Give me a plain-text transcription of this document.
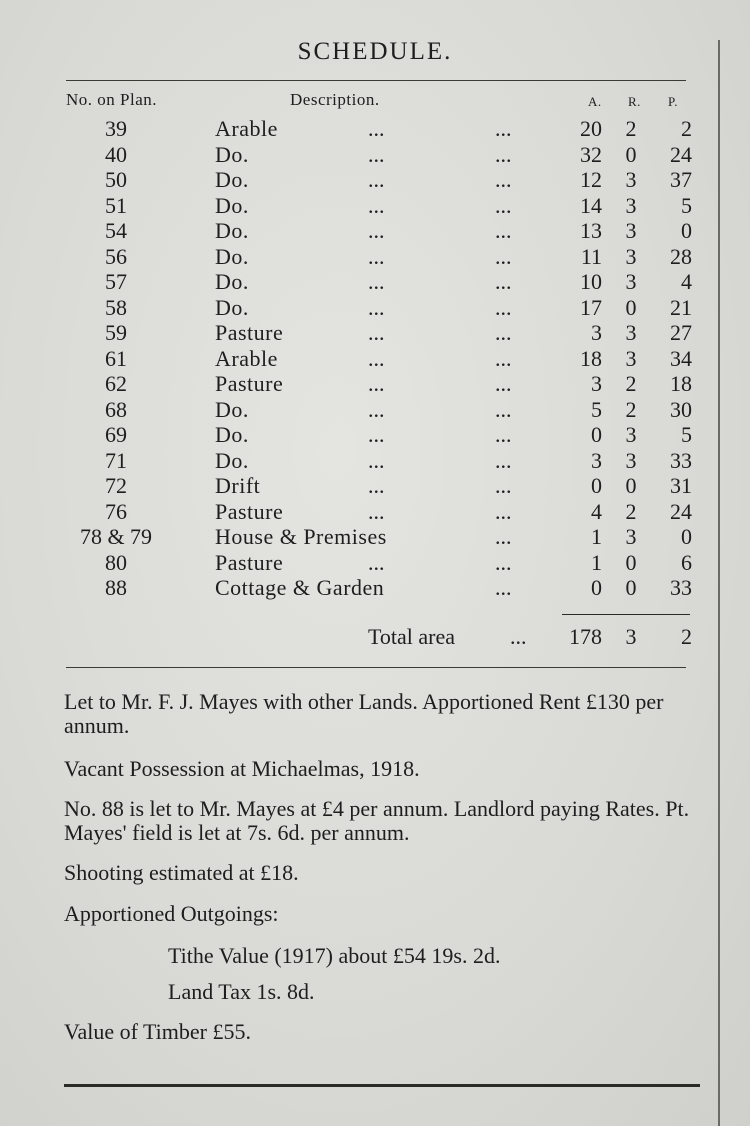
SCHEDULE.
No. on Plan.	Description.	A. R. P.
39	Arable	...	...	20	2	2
40	Do.	...	...	32	0	24
50	Do.	...	...	12	3	37
51	Do.	...	...	14	3	5
54	Do.	...	...	13	3	0
56	Do.	...	...	11	3	28
57	Do.	...	...	10	3	4
58	Do.	...	...	17	0	21
59	Pasture	...	...	3	3	27
61	Arable	...	...	18	3	34
62	Pasture	...	...	3	2	18
68	Do.	...	...	5	2	30
69	Do.	...	...	0	3	5
71	Do.	...	...	3	3	33
72	Drift	...	...	0	0	31
76	Pasture	...	...	4	2	24
78 & 79	House & Premises	...	1	3	0
80	Pasture	...	...	1	0	6
88	Cottage & Garden	...	0	0	33
Total area ...	178	3	2
Let to Mr. F. J. Mayes with other Lands. Apportioned Rent £130 per annum.
Vacant Possession at Michaelmas, 1918.
No. 88 is let to Mr. Mayes at £4 per annum. Landlord paying Rates. Pt. Mayes' field is let at 7s. 6d. per annum.
Shooting estimated at £18.
Apportioned Outgoings:
Tithe Value (1917) about £54 19s. 2d.
Land Tax 1s. 8d.
Value of Timber £55.
